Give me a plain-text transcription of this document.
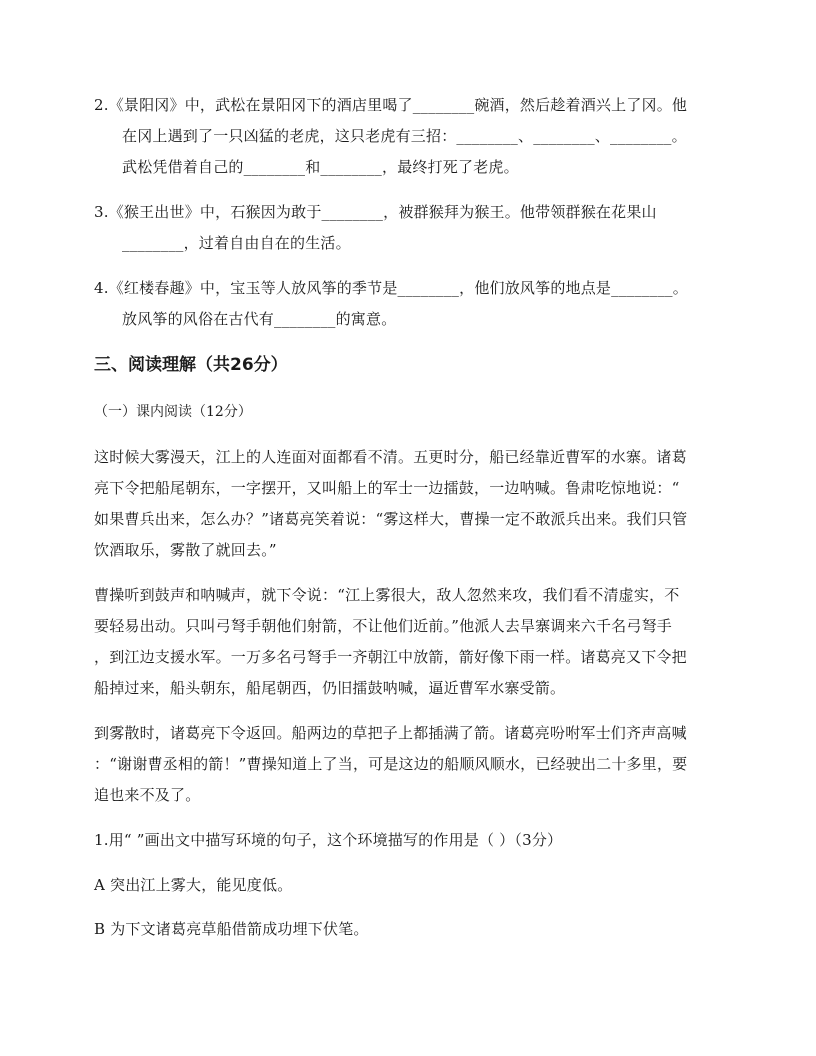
2.《景阳冈》中，武松在景阳冈下的酒店里喝了________碗酒，然后趁着酒兴上了冈。他
在冈上遇到了一只凶猛的老虎，这只老虎有三招：________、________、________。
武松凭借着自己的________和________，最终打死了老虎。
3.《猴王出世》中，石猴因为敢于________，被群猴拜为猴王。他带领群猴在花果山
________，过着自由自在的生活。
4.《红楼春趣》中，宝玉等人放风筝的季节是________，他们放风筝的地点是________。
放风筝的风俗在古代有________的寓意。
三、阅读理解（共26分）
（一）课内阅读（12分）
这时候大雾漫天，江上的人连面对面都看不清。五更时分，船已经靠近曹军的水寨。诸葛
亮下令把船尾朝东，一字摆开，又叫船上的军士一边擂鼓，一边呐喊。鲁肃吃惊地说：“
如果曹兵出来，怎么办？”诸葛亮笑着说：“雾这样大，曹操一定不敢派兵出来。我们只管
饮酒取乐，雾散了就回去。”
曹操听到鼓声和呐喊声，就下令说：“江上雾很大，敌人忽然来攻，我们看不清虚实，不
要轻易出动。只叫弓弩手朝他们射箭，不让他们近前。”他派人去旱寨调来六千名弓弩手
，到江边支援水军。一万多名弓弩手一齐朝江中放箭，箭好像下雨一样。诸葛亮又下令把
船掉过来，船头朝东，船尾朝西，仍旧擂鼓呐喊，逼近曹军水寨受箭。
到雾散时，诸葛亮下令返回。船两边的草把子上都插满了箭。诸葛亮吩咐军士们齐声高喊
：“谢谢曹丞相的箭！”曹操知道上了当，可是这边的船顺风顺水，已经驶出二十多里，要
追也来不及了。
1.用“ ”画出文中描写环境的句子，这个环境描写的作用是（ ）（3分）
A 突出江上雾大，能见度低。
B 为下文诸葛亮草船借箭成功埋下伏笔。
